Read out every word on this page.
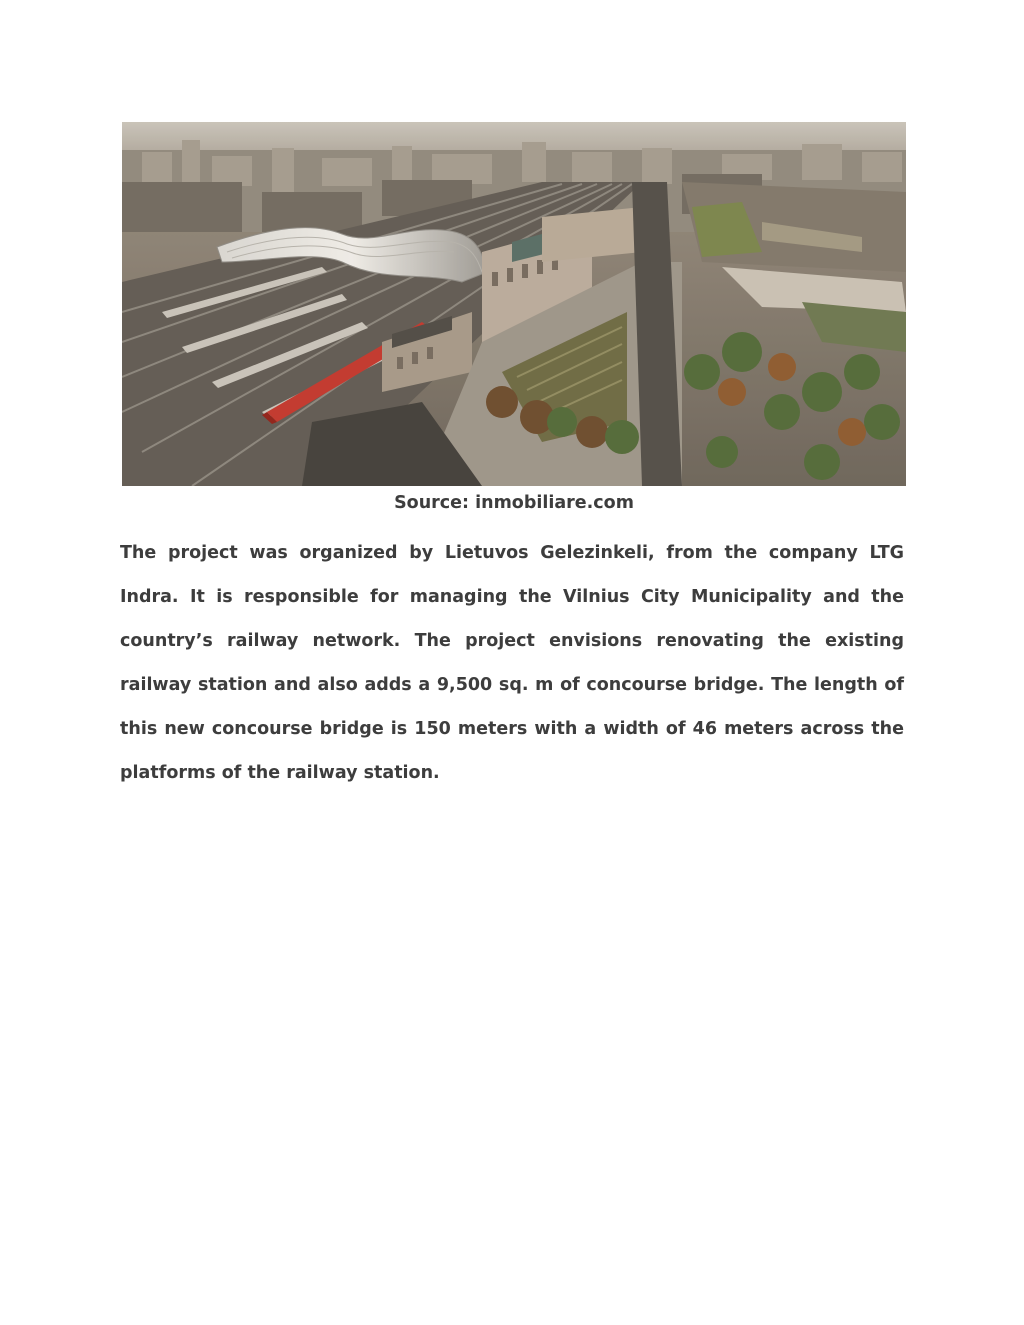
Source: inmobiliare.com

The project was organized by Lietuvos Gelezinkeli, from the company LTG Indra. It is responsible for managing the Vilnius City Municipality and the country’s railway network. The project envisions renovating the existing railway station and also adds a 9,500 sq. m of concourse bridge. The length of this new concourse bridge is 150 meters with a width of 46 meters across the platforms of the railway station.
